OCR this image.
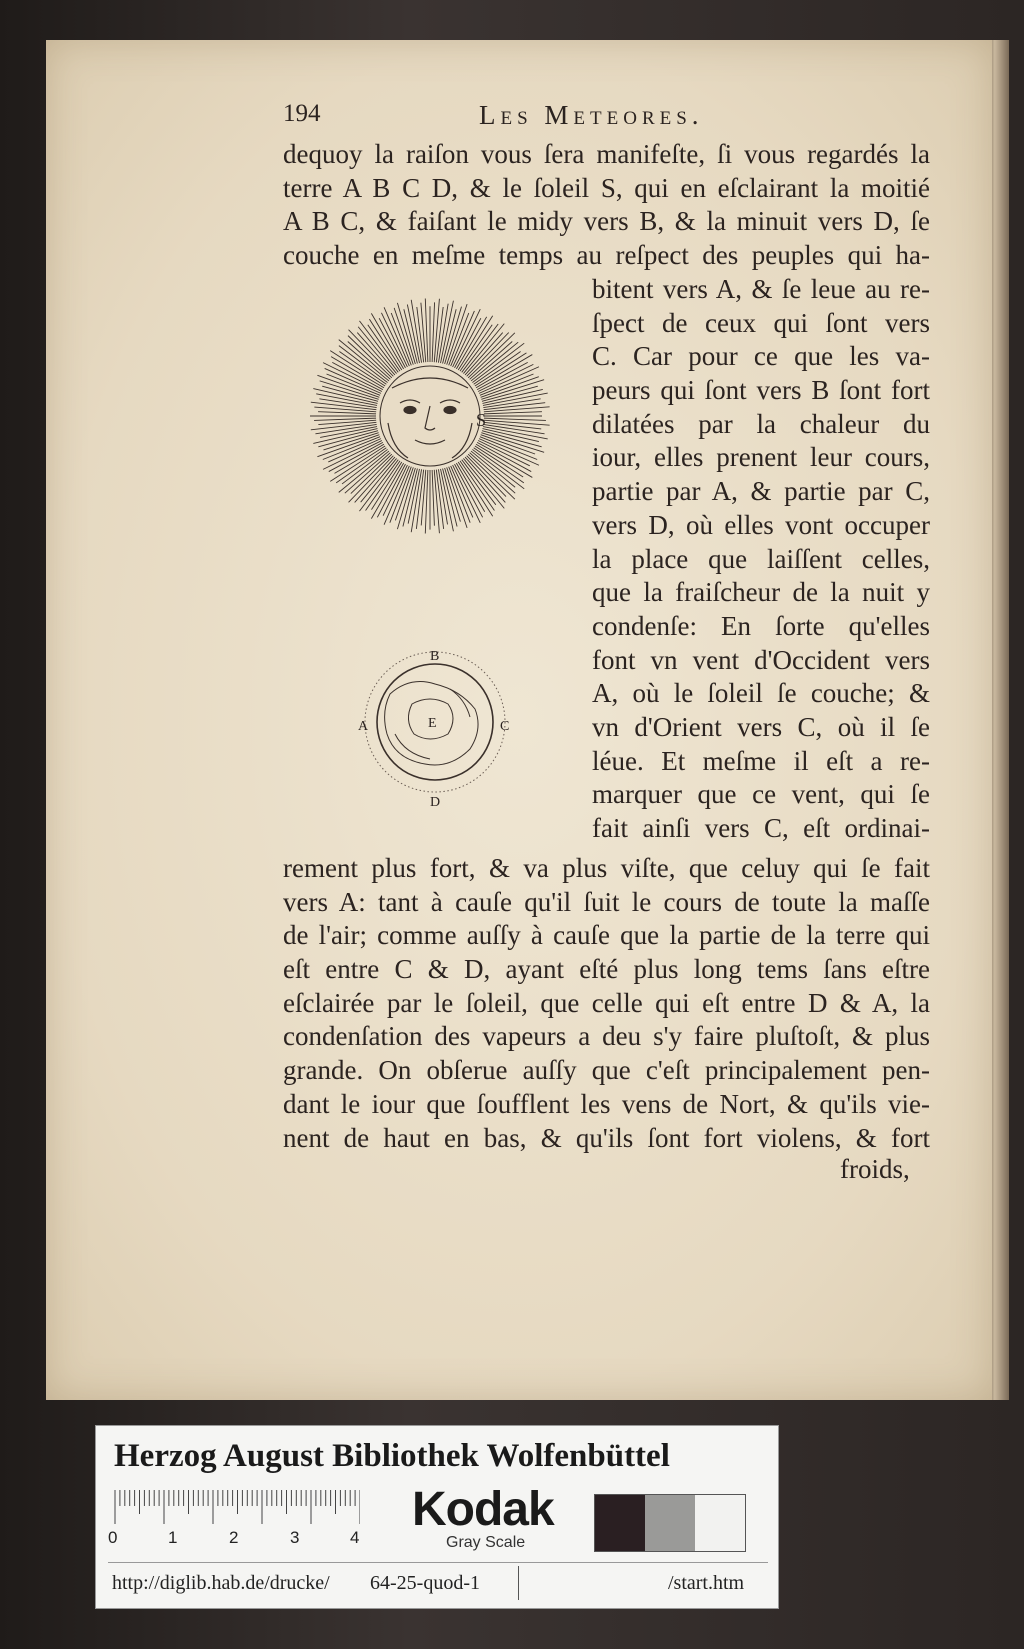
194	Les Meteores.
dequoy la raiſon vous ſera manifeſte, ſi vous regardés la
terre A B C D, & le ſoleil S, qui en eſclairant la moitié
A B C, & faiſant le midy vers B, & la minuit vers D, ſe
couche en meſme temps au reſpect des peuples qui ha-
bitent vers A, & ſe leue au re-
ſpect de ceux qui ſont vers
C. Car pour ce que les va-
peurs qui ſont vers B ſont fort
dilatées par la chaleur du
iour, elles prenent leur cours,
partie par A, & partie par C,
vers D, où elles vont occuper
la place que laiſſent celles,
que la fraiſcheur de la nuit y
condenſe: En ſorte qu'elles
font vn vent d'Occident vers
A, où le ſoleil ſe couche; &
vn d'Orient vers C, où il ſe
léue. Et meſme il eſt a re-
marquer que ce vent, qui ſe
fait ainſi vers C, eſt ordinai-
rement plus fort, & va plus viſte, que celuy qui ſe fait
vers A: tant à cauſe qu'il ſuit le cours de toute la maſſe
de l'air; comme auſſy à cauſe que la partie de la terre qui
eſt entre C & D, ayant eſté plus long tems ſans eſtre
eſclairée par le ſoleil, que celle qui eſt entre D & A, la
condenſation des vapeurs a deu s'y faire pluſtoſt, & plus
grande. On obſerue auſſy que c'eſt principalement pen-
dant le iour que ſoufflent les vens de Nort, & qu'ils vie-
nent de haut en bas, & qu'ils ſont fort violens, & fort
froids,
S
B
A	E	C
D
Herzog August Bibliothek Wolfenbüttel
0	1	2	3	4
Kodak
Gray Scale
http://diglib.hab.de/drucke/ 64-25-quod-1	/start.htm
